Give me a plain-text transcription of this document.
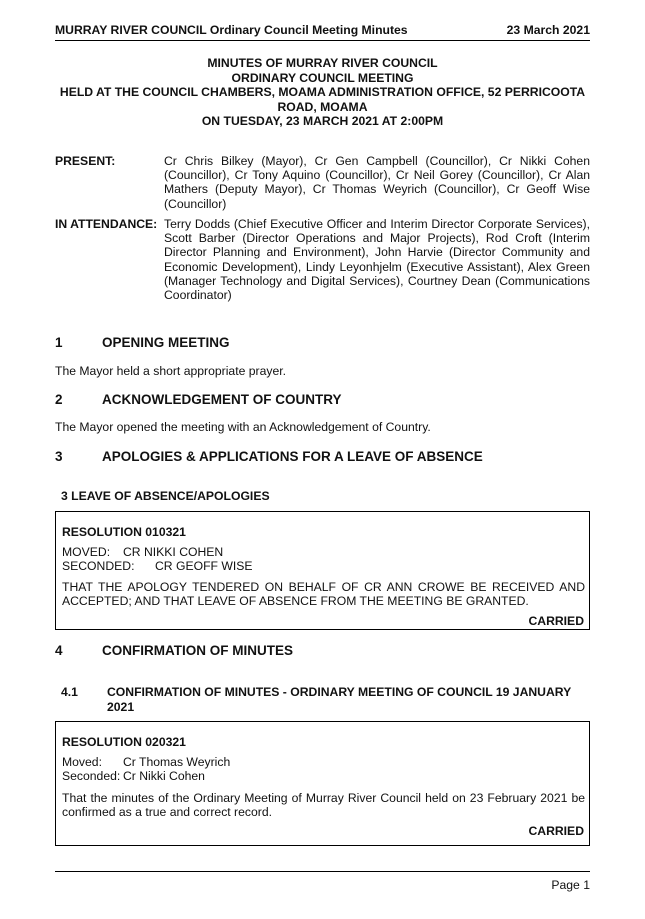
MURRAY RIVER COUNCIL Ordinary Council Meeting Minutes	23 March 2021
MINUTES OF MURRAY RIVER COUNCIL
ORDINARY COUNCIL MEETING
HELD AT THE COUNCIL CHAMBERS, MOAMA ADMINISTRATION OFFICE, 52 PERRICOOTA
ROAD, MOAMA
ON TUESDAY, 23 MARCH 2021 AT 2:00PM
PRESENT:	Cr Chris Bilkey (Mayor), Cr Gen Campbell (Councillor), Cr Nikki Cohen (Councillor), Cr Tony Aquino (Councillor), Cr Neil Gorey (Councillor), Cr Alan Mathers (Deputy Mayor), Cr Thomas Weyrich (Councillor), Cr Geoff Wise (Councillor)
IN ATTENDANCE: Terry Dodds (Chief Executive Officer and Interim Director Corporate Services), Scott Barber (Director Operations and Major Projects), Rod Croft (Interim Director Planning and Environment), John Harvie (Director Community and Economic Development), Lindy Leyonhjelm (Executive Assistant), Alex Green (Manager Technology and Digital Services), Courtney Dean (Communications Coordinator)
1	OPENING MEETING
The Mayor held a short appropriate prayer.
2	ACKNOWLEDGEMENT OF COUNTRY
The Mayor opened the meeting with an Acknowledgement of Country.
3	APOLOGIES & APPLICATIONS FOR A LEAVE OF ABSENCE
3 LEAVE OF ABSENCE/APOLOGIES
RESOLUTION 010321
MOVED: CR NIKKI COHEN
SECONDED: CR GEOFF WISE
THAT THE APOLOGY TENDERED ON BEHALF OF CR ANN CROWE BE RECEIVED AND ACCEPTED; AND THAT LEAVE OF ABSENCE FROM THE MEETING BE GRANTED.
CARRIED
4	CONFIRMATION OF MINUTES
4.1 CONFIRMATION OF MINUTES - ORDINARY MEETING OF COUNCIL 19 JANUARY 2021
RESOLUTION 020321
Moved: Cr Thomas Weyrich
Seconded: Cr Nikki Cohen
That the minutes of the Ordinary Meeting of Murray River Council held on 23 February 2021 be confirmed as a true and correct record.
CARRIED
Page 1
